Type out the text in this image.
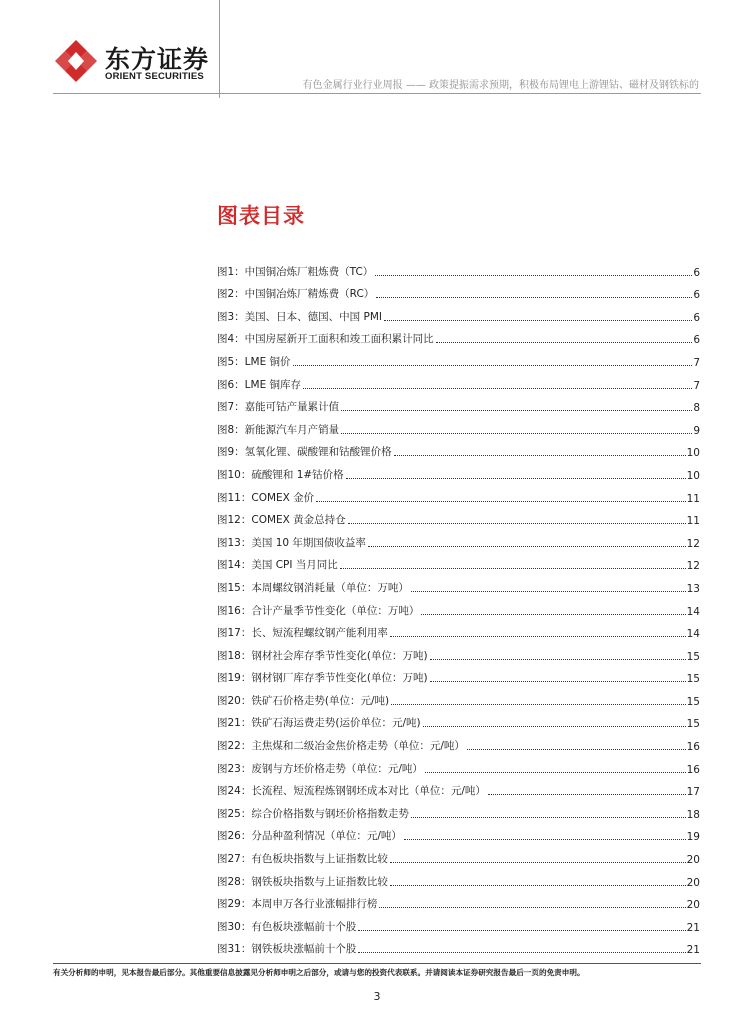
东方证券
ORIENT SECURITIES
有色金属行业行业周报 —— 政策提振需求预期，积极布局锂电上游锂钴、磁材及钢铁标的
图表目录
图1：中国铜冶炼厂粗炼费（TC）	6
图2：中国铜冶炼厂精炼费（RC）	6
图3：美国、日本、德国、中国 PMI	6
图4：中国房屋新开工面积和竣工面积累计同比	6
图5：LME 铜价	7
图6：LME 铜库存	7
图7：嘉能可钴产量累计值	8
图8：新能源汽车月产销量	9
图9：氢氧化锂、碳酸锂和钴酸锂价格	10
图10：硫酸锂和 1#钴价格	10
图11：COMEX 金价	11
图12：COMEX 黄金总持仓	11
图13：美国 10 年期国债收益率	12
图14：美国 CPI 当月同比	12
图15：本周螺纹钢消耗量（单位：万吨）	13
图16：合计产量季节性变化（单位：万吨）	14
图17：长、短流程螺纹钢产能利用率	14
图18：钢材社会库存季节性变化(单位：万吨)	15
图19：钢材钢厂库存季节性变化(单位：万吨)	15
图20：铁矿石价格走势(单位：元/吨)	15
图21：铁矿石海运费走势(运价单位：元/吨)	15
图22：主焦煤和二级冶金焦价格走势（单位：元/吨）	16
图23：废钢与方坯价格走势（单位：元/吨）	16
图24：长流程、短流程炼钢钢坯成本对比（单位：元/吨）	17
图25：综合价格指数与钢坯价格指数走势	18
图26：分品种盈利情况（单位：元/吨）	19
图27：有色板块指数与上证指数比较	20
图28：钢铁板块指数与上证指数比较	20
图29：本周申万各行业涨幅排行榜	20
图30：有色板块涨幅前十个股	21
图31：钢铁板块涨幅前十个股	21
有关分析师的申明，见本报告最后部分。其他重要信息披露见分析师申明之后部分，或请与您的投资代表联系。并请阅读本证券研究报告最后一页的免责申明。
3
